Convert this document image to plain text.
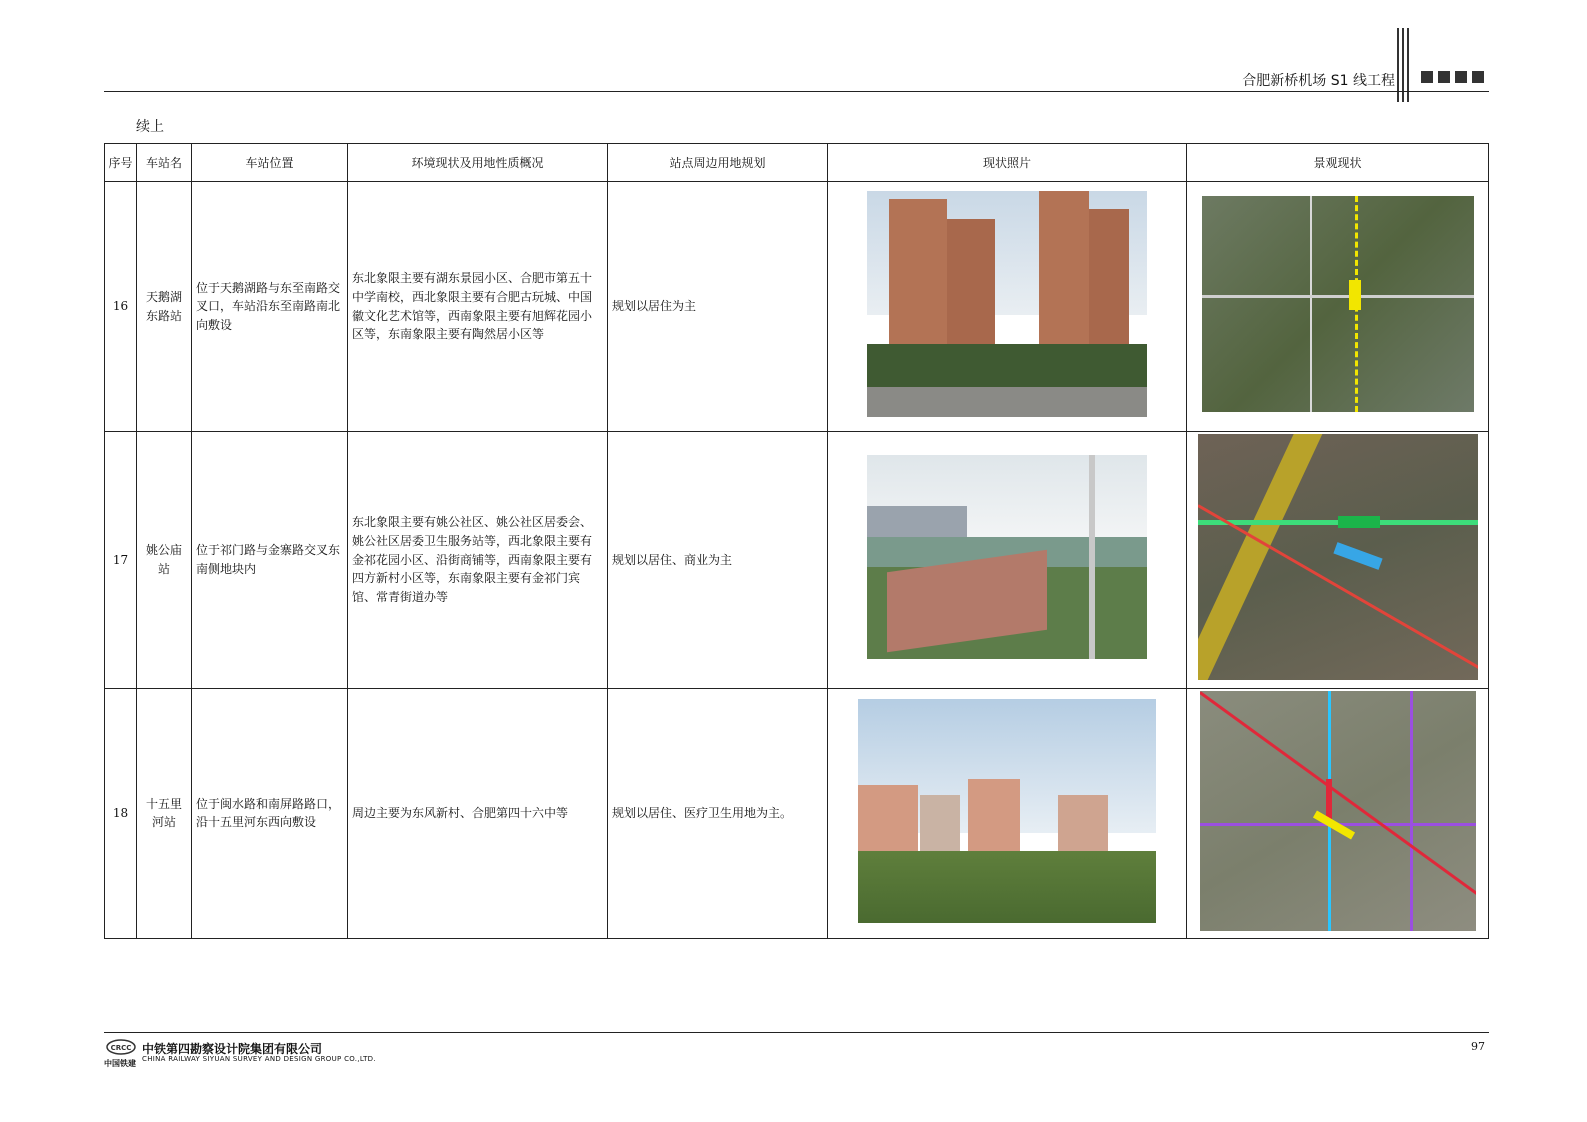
合肥新桥机场 S1 线工程
续上
序号	车站名	车站位置	环境现状及用地性质概况	站点周边用地规划	现状照片	景观现状
16	天鹅湖东路站	位于天鹅湖路与东至南路交叉口，车站沿东至南路南北向敷设	东北象限主要有湖东景园小区、合肥市第五十中学南校，西北象限主要有合肥古玩城、中国徽文化艺术馆等，西南象限主要有旭辉花园小区等，东南象限主要有陶然居小区等	规划以居住为主	

17	姚公庙站	位于祁门路与金寨路交叉东南侧地块内	东北象限主要有姚公社区、姚公社区居委会、姚公社区居委卫生服务站等，西北象限主要有金祁花园小区、沿街商铺等，西南象限主要有四方新村小区等，东南象限主要有金祁门宾馆、常青街道办等	规划以居住、商业为主	

18	十五里河站	位于闽水路和南屏路路口，沿十五里河东西向敷设	周边主要为东风新村、合肥第四十六中等	规划以居住、医疗卫生用地为主。	

CRCC 中铁第四勘察设计院集团有限公司
CHINA RAILWAY SIYUAN SURVEY AND DESIGN GROUP CO.,LTD.
中国铁建
97
